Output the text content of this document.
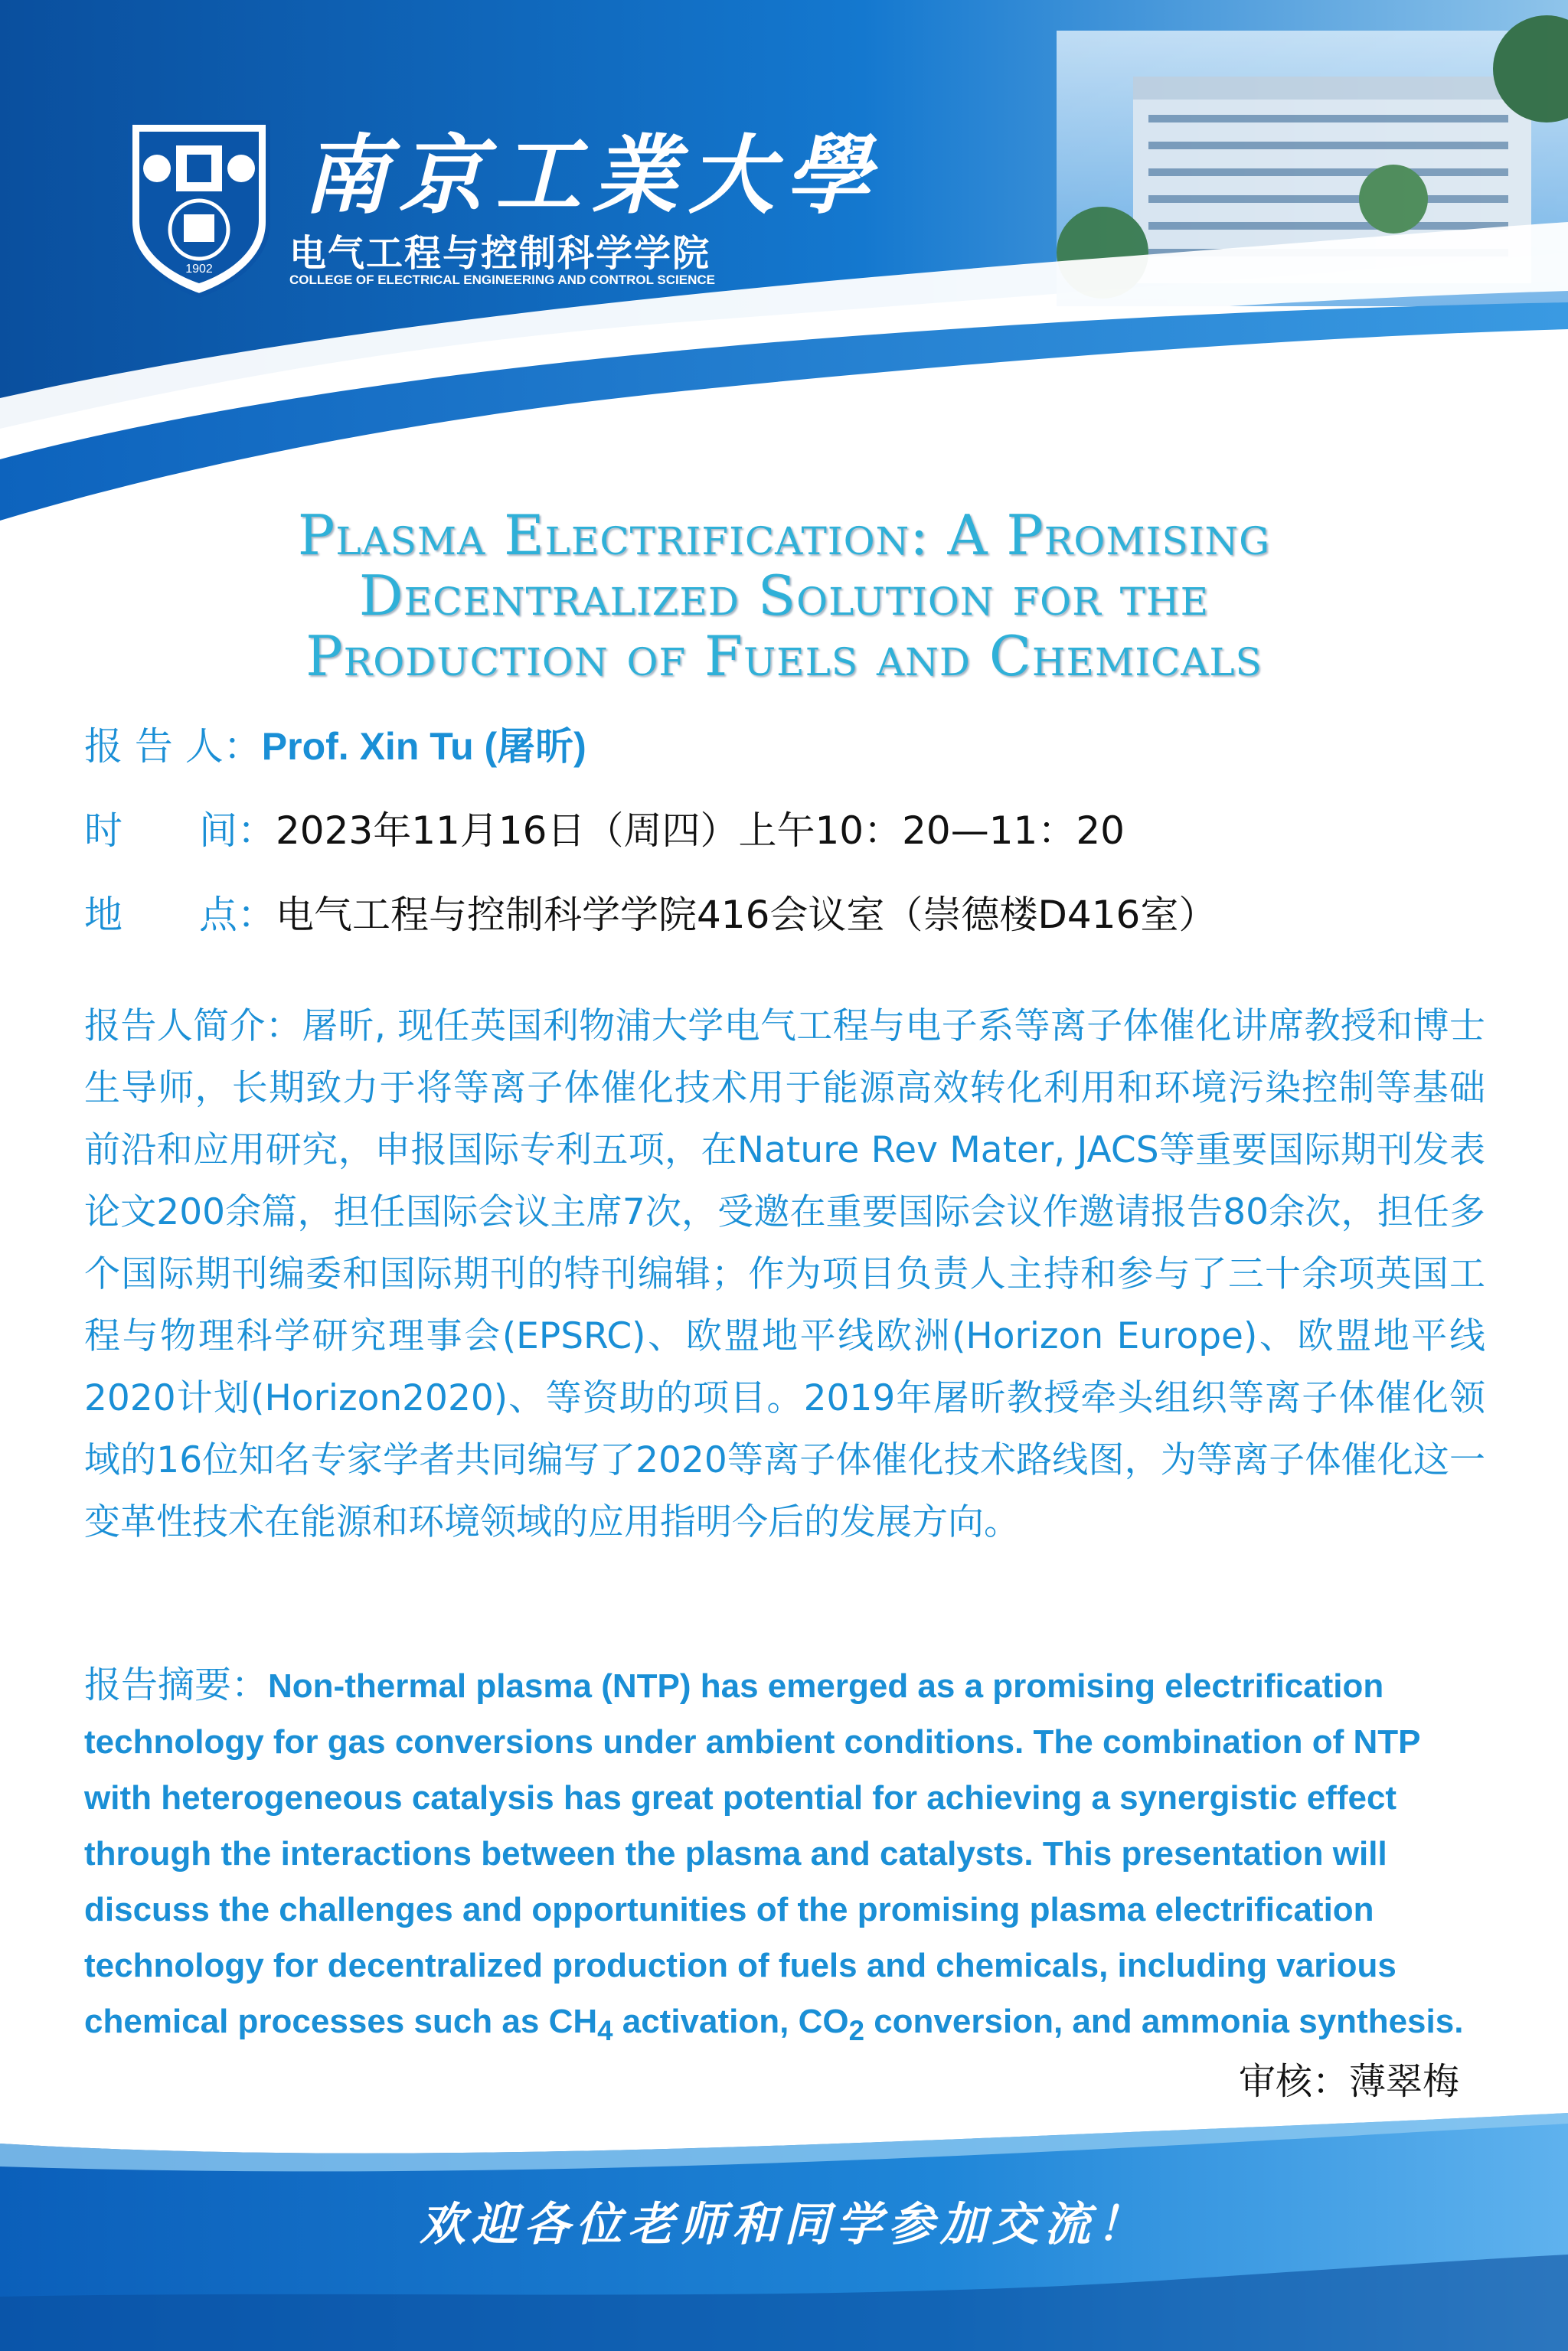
1902
南京工業大學
电气工程与控制科学学院
COLLEGE OF ELECTRICAL ENGINEERING AND CONTROL SCIENCE
Plasma Electrification: A Promising
Decentralized Solution for the
Production of Fuels and Chemicals
报 告 人：Prof. Xin Tu (屠昕)
时　　间：2023年11月16日（周四）上午10：20—11：20
地　　点：电气工程与控制科学学院416会议室（崇德楼D416室）
报告人简介：屠昕, 现任英国利物浦大学电气工程与电子系等离子体催化讲席教授和博士生导师，长期致力于将等离子体催化技术用于能源高效转化利用和环境污染控制等基础前沿和应用研究，申报国际专利五项，在Nature Rev Mater, JACS等重要国际期刊发表论文200余篇，担任国际会议主席7次，受邀在重要国际会议作邀请报告80余次，担任多个国际期刊编委和国际期刊的特刊编辑；作为项目负责人主持和参与了三十余项英国工程与物理科学研究理事会(EPSRC)、欧盟地平线欧洲(Horizon Europe)、欧盟地平线2020计划(Horizon2020)、等资助的项目。2019年屠昕教授牵头组织等离子体催化领域的16位知名专家学者共同编写了2020等离子体催化技术路线图，为等离子体催化这一变革性技术在能源和环境领域的应用指明今后的发展方向。
报告摘要：Non-thermal plasma (NTP) has emerged as a promising electrification technology for gas conversions under ambient conditions. The combination of NTP with heterogeneous catalysis has great potential for achieving a synergistic effect through the interactions between the plasma and catalysts. This presentation will discuss the challenges and opportunities of the promising plasma electrification technology for decentralized production of fuels and chemicals, including various chemical processes such as $CH_4$ activation, $CO_2$ conversion, and ammonia synthesis.
审核：薄翠梅
欢迎各位老师和同学参加交流！
